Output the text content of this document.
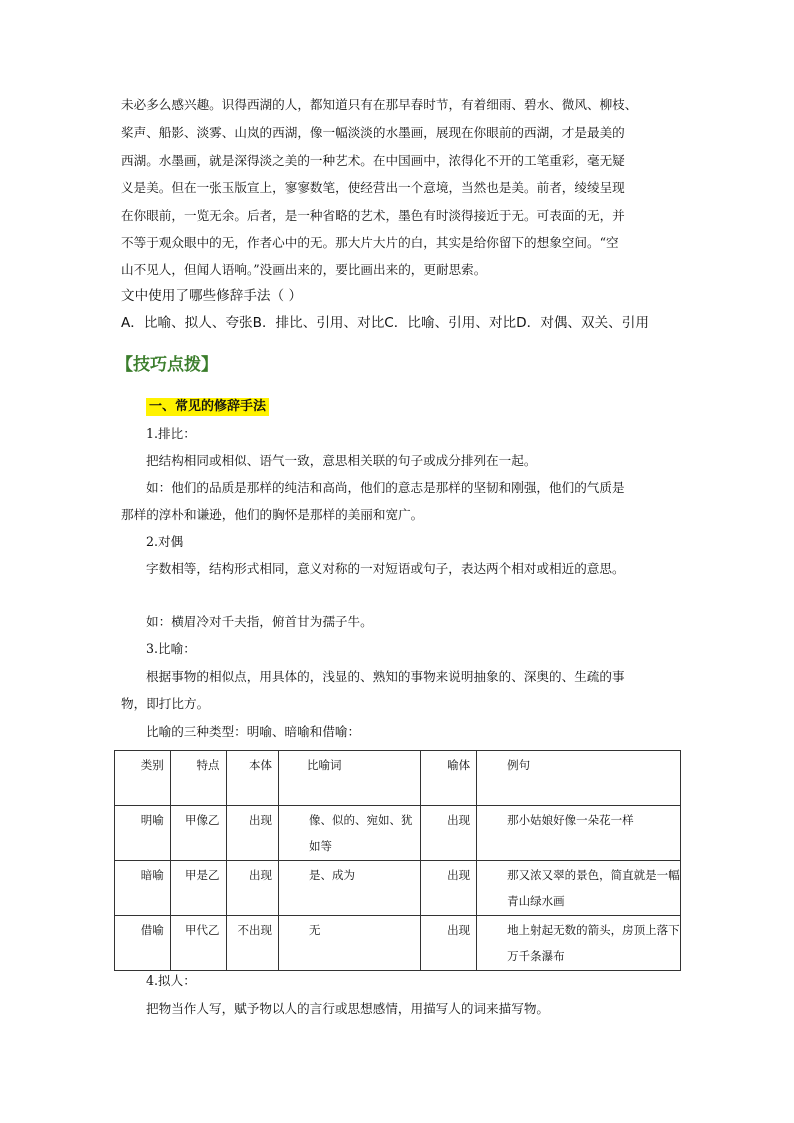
未必多么感兴趣。识得西湖的人，都知道只有在那早春时节，有着细雨、碧水、微风、柳枝、
桨声、船影、淡雾、山岚的西湖，像一幅淡淡的水墨画，展现在你眼前的西湖，才是最美的
西湖。水墨画，就是深得淡之美的一种艺术。在中国画中，浓得化不开的工笔重彩，毫无疑
义是美。但在一张玉版宣上，寥寥数笔，使经营出一个意境，当然也是美。前者，绫绫呈现
在你眼前，一览无余。后者，是一种省略的艺术，墨色有时淡得接近于无。可表面的无，并
不等于观众眼中的无，作者心中的无。那大片大片的白，其实是给你留下的想象空间。“空
山不见人，但闻人语响。”没画出来的，要比画出来的，更耐思索。
文中使用了哪些修辞手法（ ）
A．比喻、拟人、夸张B．排比、引用、对比C．比喻、引用、对比D．对偶、双关、引用
【技巧点拨】
一、常见的修辞手法
1.排比：
把结构相同或相似、语气一致，意思相关联的句子或成分排列在一起。
如：他们的品质是那样的纯洁和高尚，他们的意志是那样的坚韧和刚强，他们的气质是
那样的淳朴和谦逊，他们的胸怀是那样的美丽和宽广。
2.对偶
字数相等，结构形式相同，意义对称的一对短语或句子，表达两个相对或相近的意思。
如：横眉冷对千夫指，俯首甘为孺子牛。
3.比喻：
根据事物的相似点，用具体的，浅显的、熟知的事物来说明抽象的、深奥的、生疏的事
物，即打比方。
比喻的三种类型：明喻、暗喻和借喻：
类别	特点	本体	比喻词	喻体	例句

明喻	甲像乙	出现	像、似的、宛如、犹如等	出现	那小姑娘好像一朵花一样

暗喻	甲是乙	出现	是、成为	出现	那又浓又翠的景色，简直就是一幅青山绿水画

借喻	甲代乙	不出现	无	出现	地上射起无数的箭头，房顶上落下万千条瀑布
4.拟人：
把物当作人写，赋予物以人的言行或思想感情，用描写人的词来描写物。
